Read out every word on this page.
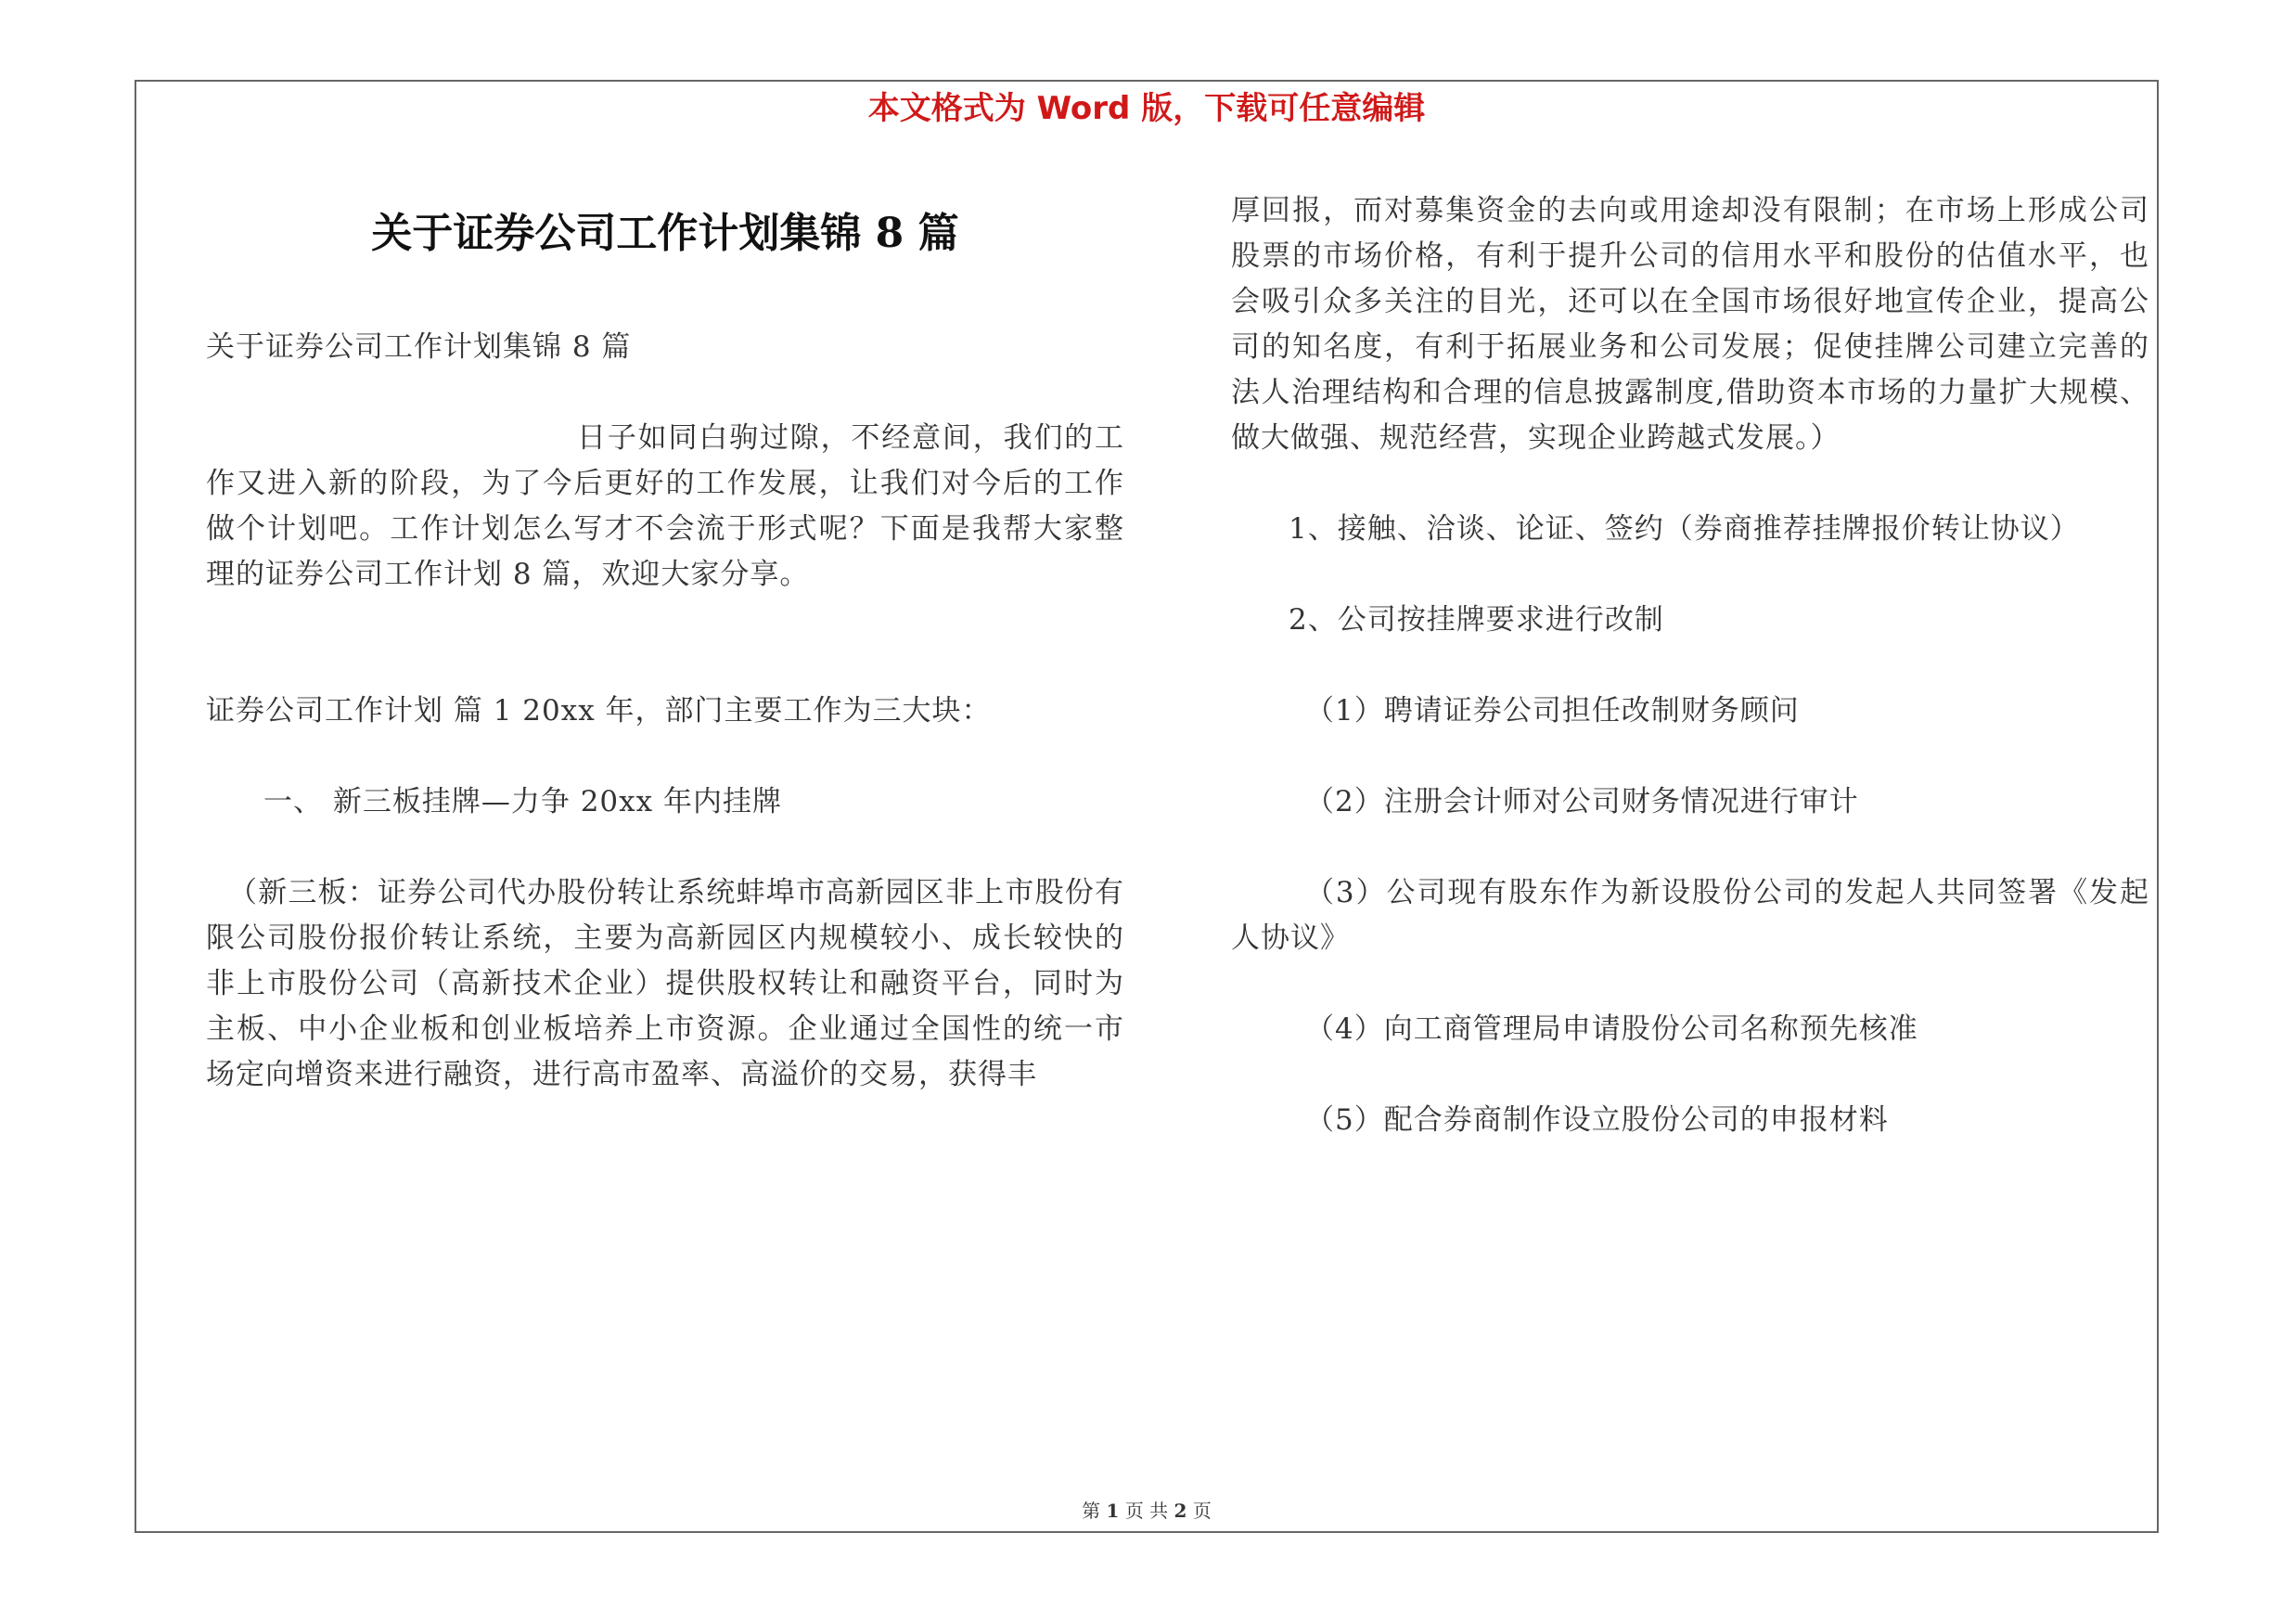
本文格式为 Word 版，下载可任意编辑
关于证券公司工作计划集锦 8 篇

关于证券公司工作计划集锦 8 篇

日子如同白驹过隙，不经意间，我们的工作又进入新的阶段，为了今后更好的工作发展，让我们对今后的工作做个计划吧。工作计划怎么写才不会流于形式呢？下面是我帮大家整理的证券公司工作计划 8 篇，欢迎大家分享。

证券公司工作计划 篇 1 20xx 年，部门主要工作为三大块：

一、 新三板挂牌—力争 20xx 年内挂牌

（新三板：证券公司代办股份转让系统蚌埠市高新园区非上市股份有限公司股份报价转让系统，主要为高新园区内规模较小、成长较快的非上市股份公司（高新技术企业）提供股权转让和融资平台，同时为主板、中小企业板和创业板培养上市资源。企业通过全国性的统一市场定向增资来进行融资，进行高市盈率、高溢价的交易，获得丰

厚回报，而对募集资金的去向或用途却没有限制；在市场上形成公司股票的市场价格，有利于提升公司的信用水平和股份的估值水平，也会吸引众多关注的目光，还可以在全国市场很好地宣传企业，提高公司的知名度，有利于拓展业务和公司发展；促使挂牌公司建立完善的法人治理结构和合理的信息披露制度,借助资本市场的力量扩大规模、做大做强、规范经营，实现企业跨越式发展。）

1、接触、洽谈、论证、签约（券商推荐挂牌报价转让协议）

2、公司按挂牌要求进行改制

（1）聘请证券公司担任改制财务顾问

（2）注册会计师对公司财务情况进行审计

（3）公司现有股东作为新设股份公司的发起人共同签署《发起人协议》

（4）向工商管理局申请股份公司名称预先核准

（5）配合券商制作设立股份公司的申报材料

第 1 页 共 2 页
